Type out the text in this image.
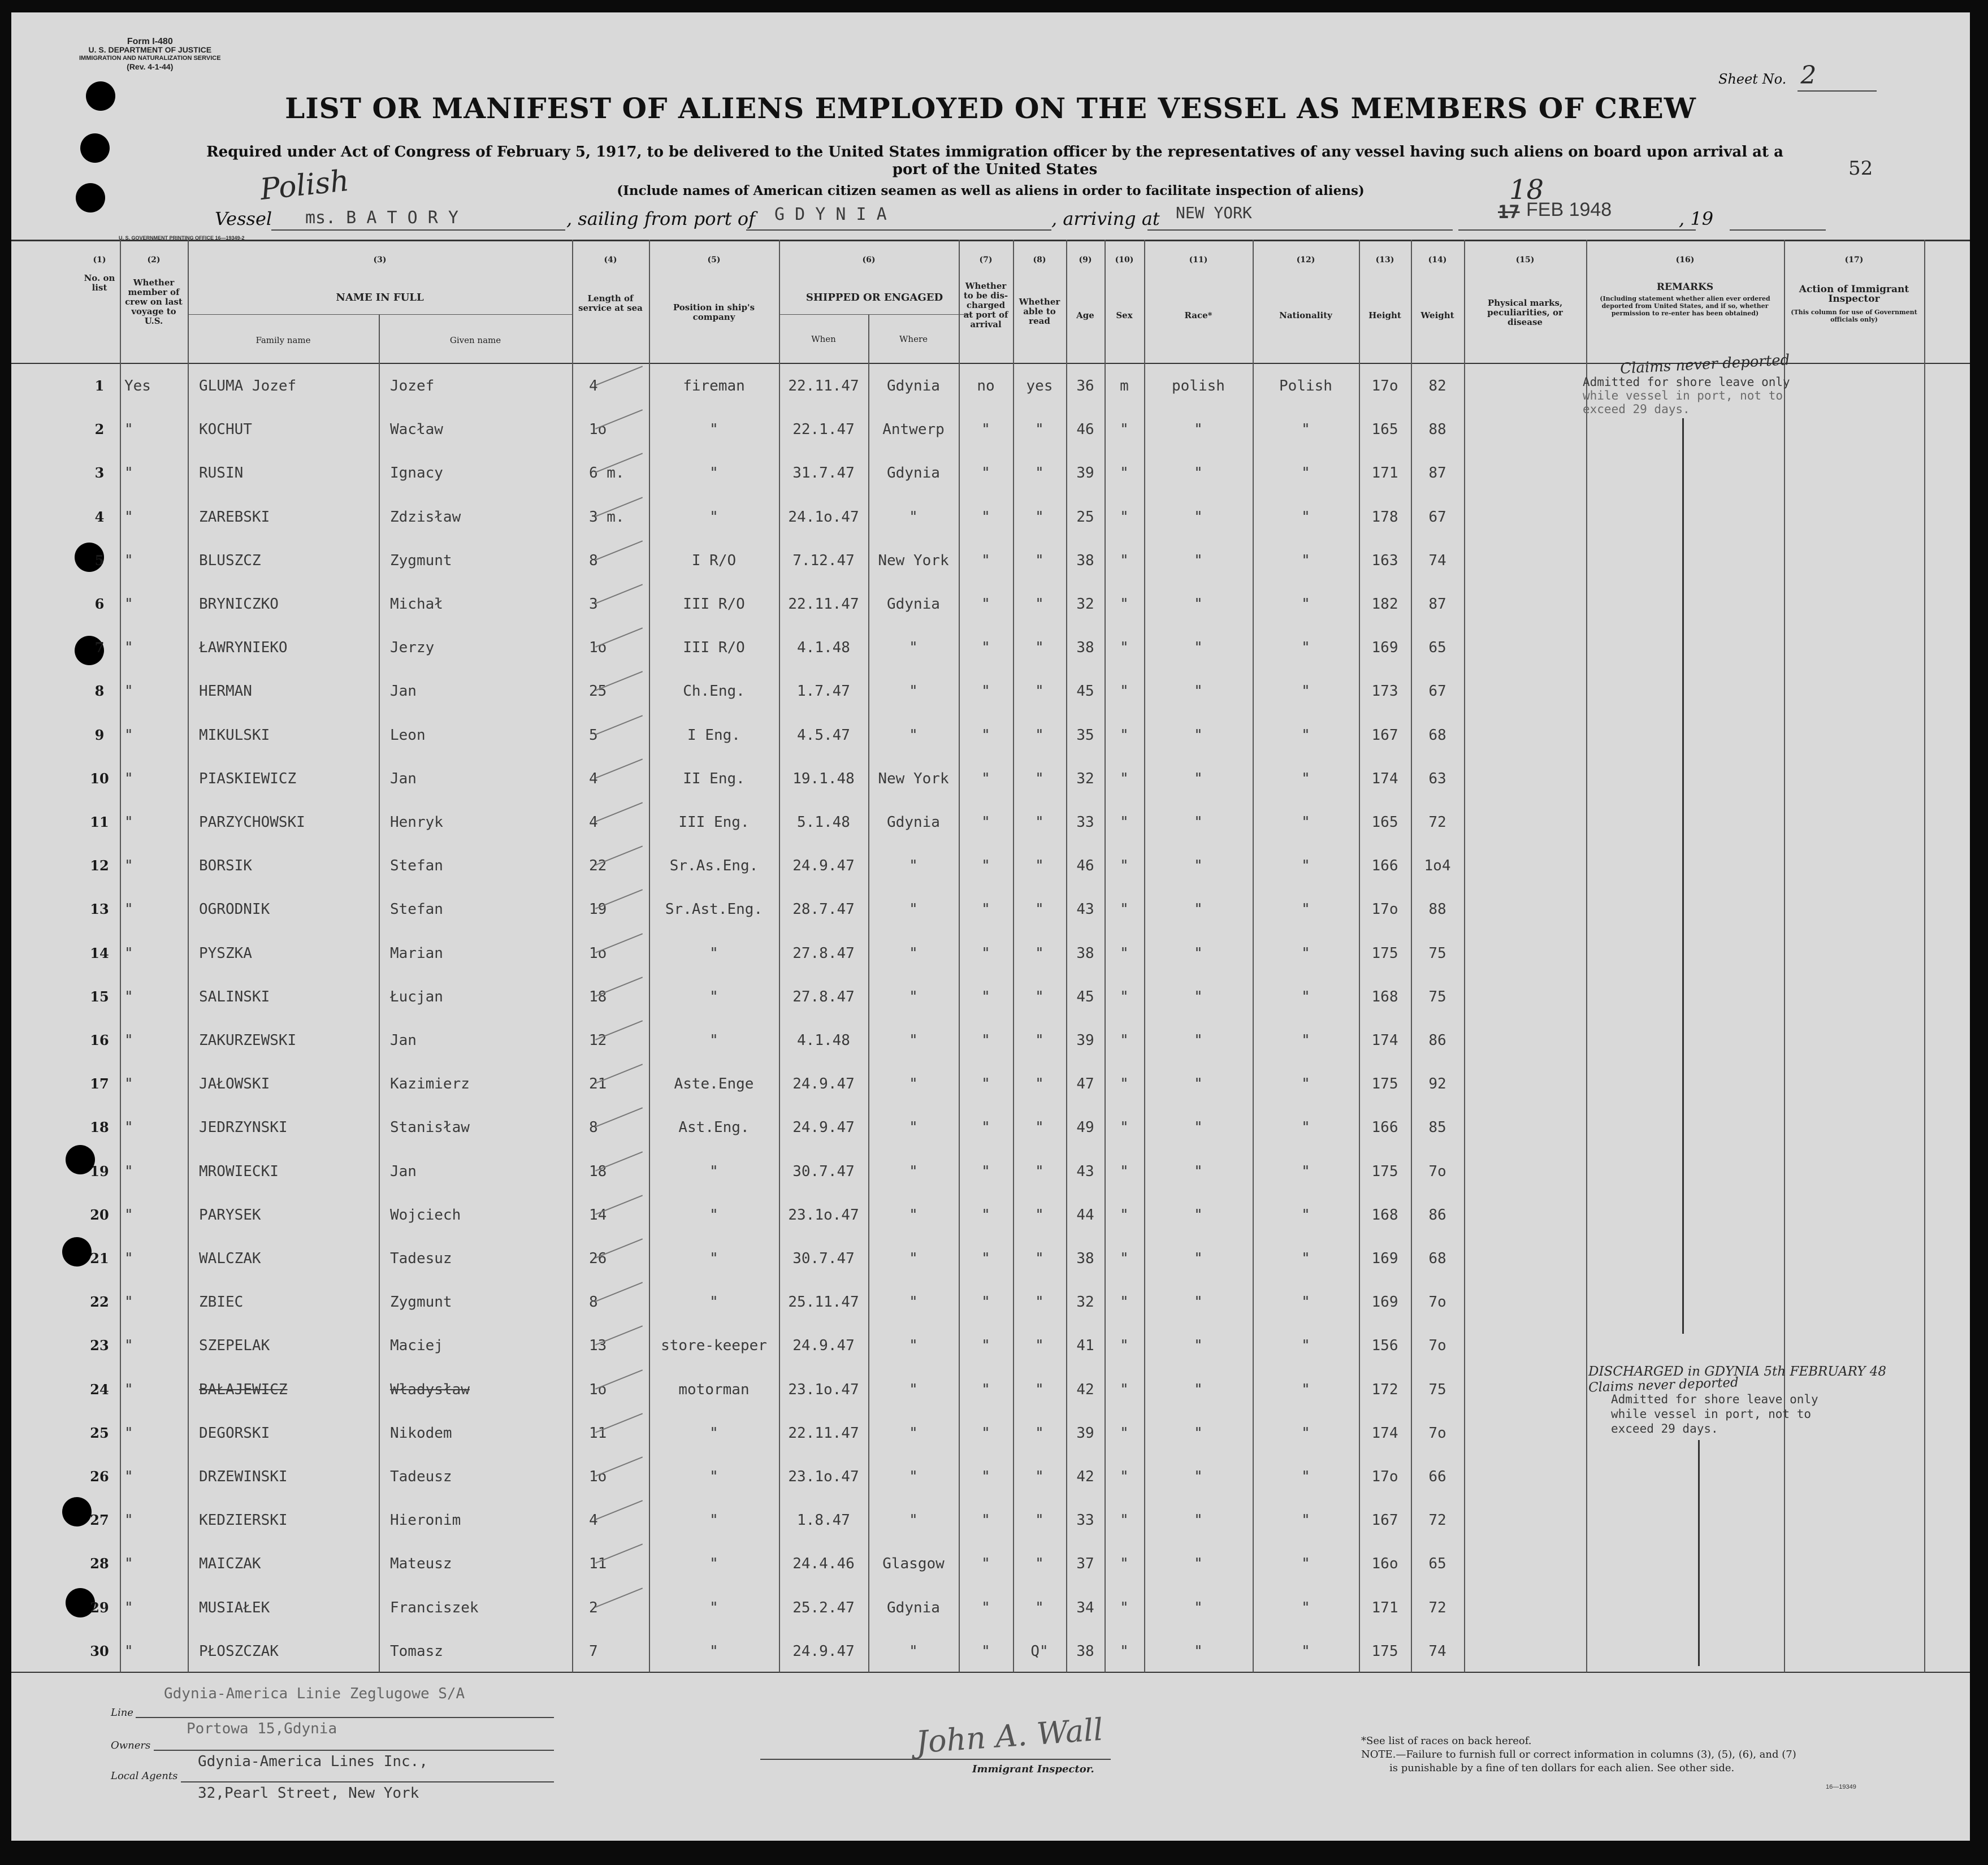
Form I-480
U. S. DEPARTMENT OF JUSTICE
IMMIGRATION AND NATURALIZATION SERVICE
(Rev. 4-1-44)
Sheet No. 2
LIST OR MANIFEST OF ALIENS EMPLOYED ON THE VESSEL AS MEMBERS OF CREW
Required under Act of Congress of February 5, 1917, to be delivered to the United States immigration officer by the representatives of any vessel having such aliens on board upon arrival at a
port of the United States
(Include names of American citizen seamen as well as aliens in order to facilitate inspection of aliens)
52
Vessel
Polish
ms. B A T O R Y	, sailing from port of G D Y N I A	, arriving at NEW YORK
18
17 FEB 1948	, 19
U. S. GOVERNMENT PRINTING OFFICE 16—19349-2
(1)	(2)	(3)	(4)	(5)	(6)	(7)	(8)	(9)	(10)	(11)	(12)	(13)	(14)	(15)	(16)	(17)
No. on list	Whether member of crew on last voyage to U.S.
NAME IN FULL
Family name	Given name
Length of service at sea	Position in ship's company
SHIPPED OR ENGAGED
When	Where
Whether to be dis-charged at port of arrival
Whether able to read
Age	Sex	Race*	Nationality	Height	Weight
Physical marks, peculiarities, or disease
REMARKS
(Including statement whether alien ever ordered deported from United States, and if so, whether permission to re-enter has been obtained)
Action of Immigrant Inspector
(This column for use of Government officials only)
1	Yes	GLUMA Jozef	Jozef	4	fireman	22.11.47	Gdynia	no	yes	36	m	polish	Polish	17o	82
2	"	KOCHUT	Wacław	1o	"	22.1.47	Antwerp	"	"	46	"	"	"	165	88
3	"	RUSIN	Ignacy	6 m.	"	31.7.47	Gdynia	"	"	39	"	"	"	171	87
4	"	ZAREBSKI	Zdzisław	3 m.	"	24.1o.47	"	"	"	25	"	"	"	178	67
5	"	BLUSZCZ	Zygmunt	8	I R/O	7.12.47	New York	"	"	38	"	"	"	163	74
6	"	BRYNICZKO	Michał	3	III R/O	22.11.47	Gdynia	"	"	32	"	"	"	182	87
7	"	ŁAWRYNIEKO	Jerzy	1o	III R/O	4.1.48	"	"	"	38	"	"	"	169	65
8	"	HERMAN	Jan	25	Ch.Eng.	1.7.47	"	"	"	45	"	"	"	173	67
9	"	MIKULSKI	Leon	5	I Eng.	4.5.47	"	"	"	35	"	"	"	167	68
10	"	PIASKIEWICZ	Jan	4	II Eng.	19.1.48	New York	"	"	32	"	"	"	174	63
11	"	PARZYCHOWSKI	Henryk	4	III Eng.	5.1.48	Gdynia	"	"	33	"	"	"	165	72
12	"	BORSIK	Stefan	22	Sr.As.Eng.	24.9.47	"	"	"	46	"	"	"	166	1o4
13	"	OGRODNIK	Stefan	19	Sr.Ast.Eng.	28.7.47	"	"	"	43	"	"	"	17o	88
14	"	PYSZKA	Marian	1o	"	27.8.47	"	"	"	38	"	"	"	175	75
15	"	SALINSKI	Łucjan	18	"	27.8.47	"	"	"	45	"	"	"	168	75
16	"	ZAKURZEWSKI	Jan	12	"	4.1.48	"	"	"	39	"	"	"	174	86
17	"	JAŁOWSKI	Kazimierz	21	Aste.Enge	24.9.47	"	"	"	47	"	"	"	175	92
18	"	JEDRZYNSKI	Stanisław	8	Ast.Eng.	24.9.47	"	"	"	49	"	"	"	166	85
19	"	MROWIECKI	Jan	18	"	30.7.47	"	"	"	43	"	"	"	175	7o
20	"	PARYSEK	Wojciech	14	"	23.1o.47	"	"	"	44	"	"	"	168	86
21	"	WALCZAK	Tadesuz	26	"	30.7.47	"	"	"	38	"	"	"	169	68
22	"	ZBIEC	Zygmunt	8	"	25.11.47	"	"	"	32	"	"	"	169	7o
23	"	SZEPELAK	Maciej	13	store-keeper	24.9.47	"	"	"	41	"	"	"	156	7o
24	"	BAŁAJEWICZ	Władysław	1o	motorman	23.1o.47	"	"	"	42	"	"	"	172	75
25	"	DEGORSKI	Nikodem	11	"	22.11.47	"	"	"	39	"	"	"	174	7o
26	"	DRZEWINSKI	Tadeusz	1o	"	23.1o.47	"	"	"	42	"	"	"	17o	66
27	"	KEDZIERSKI	Hieronim	4	"	1.8.47	"	"	"	33	"	"	"	167	72
28	"	MAICZAK	Mateusz	11	"	24.4.46	Glasgow	"	"	37	"	"	"	16o	65
29	"	MUSIAŁEK	Franciszek	2	"	25.2.47	Gdynia	"	"	34	"	"	"	171	72
30	"	PŁOSZCZAK	Tomasz	7	"	24.9.47	"	"	Q"	38	"	"	"	175	74
Claims never deported
Admitted for shore leave only
while vessel in port, not to
exceed 29 days.
DISCHARGED in GDYNIA 5th FEBRUARY 48
Claims never deported
Admitted for shore leave only
while vessel in port, not to
exceed 29 days.
Gdynia-America Linie Zeglugowe S/A
Line
Portowa 15,Gdynia
Owners
Gdynia-America Lines Inc.,
Local Agents
32,Pearl Street, New York
John A. Wall
Immigrant Inspector.
*See list of races on back hereof.
NOTE.—Failure to furnish full or correct information in columns (3), (5), (6), and (7)
is punishable by a fine of ten dollars for each alien. See other side.
16—19349
